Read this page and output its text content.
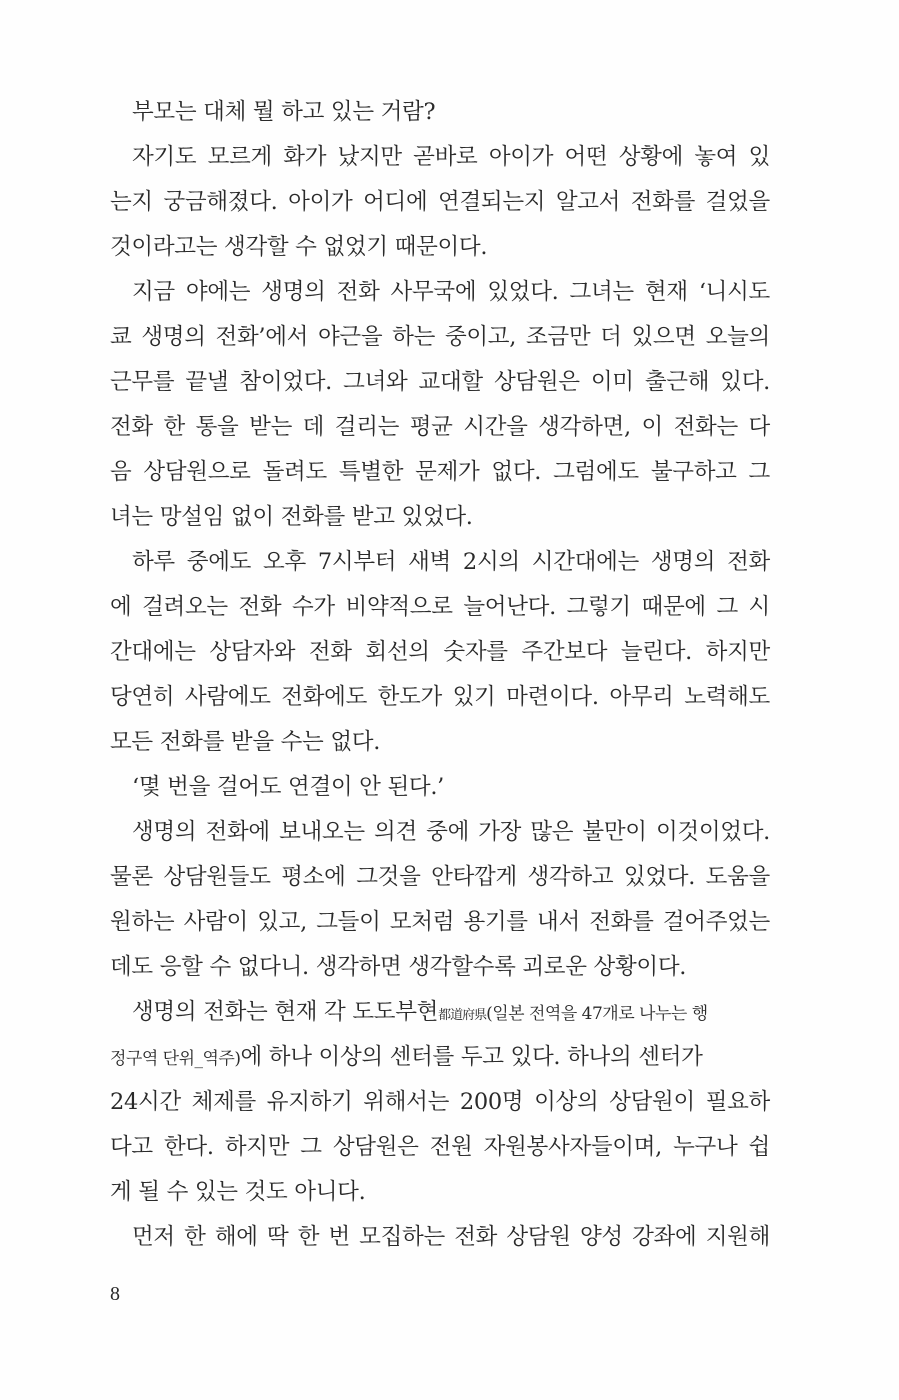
부모는 대체 뭘 하고 있는 거람?
자기도 모르게 화가 났지만 곧바로 아이가 어떤 상황에 놓여 있
는지 궁금해졌다. 아이가 어디에 연결되는지 알고서 전화를 걸었을
것이라고는 생각할 수 없었기 때문이다.
지금 야에는 생명의 전화 사무국에 있었다. 그녀는 현재 ‘니시도
쿄 생명의 전화’에서 야근을 하는 중이고, 조금만 더 있으면 오늘의
근무를 끝낼 참이었다. 그녀와 교대할 상담원은 이미 출근해 있다.
전화 한 통을 받는 데 걸리는 평균 시간을 생각하면, 이 전화는 다
음 상담원으로 돌려도 특별한 문제가 없다. 그럼에도 불구하고 그
녀는 망설임 없이 전화를 받고 있었다.
하루 중에도 오후 7시부터 새벽 2시의 시간대에는 생명의 전화
에 걸려오는 전화 수가 비약적으로 늘어난다. 그렇기 때문에 그 시
간대에는 상담자와 전화 회선의 숫자를 주간보다 늘린다. 하지만
당연히 사람에도 전화에도 한도가 있기 마련이다. 아무리 노력해도
모든 전화를 받을 수는 없다.
‘몇 번을 걸어도 연결이 안 된다.’
생명의 전화에 보내오는 의견 중에 가장 많은 불만이 이것이었다.
물론 상담원들도 평소에 그것을 안타깝게 생각하고 있었다. 도움을
원하는 사람이 있고, 그들이 모처럼 용기를 내서 전화를 걸어주었는
데도 응할 수 없다니. 생각하면 생각할수록 괴로운 상황이다.
생명의 전화는 현재 각 도도부현都道府県(일본 전역을 47개로 나누는 행
정구역 단위_역주)에 하나 이상의 센터를 두고 있다. 하나의 센터가
24시간 체제를 유지하기 위해서는 200명 이상의 상담원이 필요하
다고 한다. 하지만 그 상담원은 전원 자원봉사자들이며, 누구나 쉽
게 될 수 있는 것도 아니다.
먼저 한 해에 딱 한 번 모집하는 전화 상담원 양성 강좌에 지원해
8
